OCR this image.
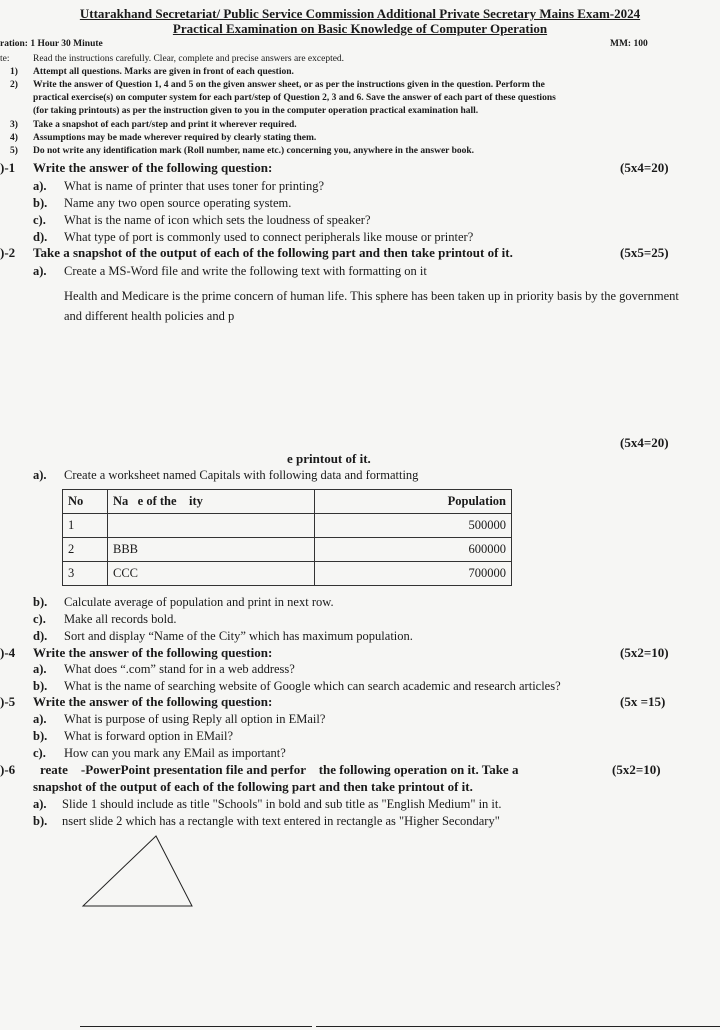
Uttarakhand Secretariat/ Public Service Commission Additional Private Secretary Mains Exam-2024
Practical Examination on Basic Knowledge of Computer Operation
ration: 1 Hour 30 Minute	MM: 100
te: Read the instructions carefully. Clear, complete and precise answers are excepted.
1) Attempt all questions. Marks are given in front of each question.
2) Write the answer of Question 1, 4 and 5 on the given answer sheet, or as per the instructions given in the question. Perform the
practical exercise(s) on computer system for each part/step of Question 2, 3 and 6. Save the answer of each part of these questions
(for taking printouts) as per the instruction given to you in the computer operation practical examination hall.
3) Take a snapshot of each part/step and print it wherever required.
4) Assumptions may be made wherever required by clearly stating them.
5) Do not write any identification mark (Roll number, name etc.) concerning you, anywhere in the answer book.
)-1 Write the answer of the following question:	(5x4=20)
a). What is name of printer that uses toner for printing?
b). Name any two open source operating system.
c). What is the name of icon which sets the loudness of speaker?
d). What type of port is commonly used to connect peripherals like mouse or printer?
)-2 Take a snapshot of the output of each of the following part and then take printout of it.	(5x5=25)
a). Create a MS-Word file and write the following text with formatting on it
Health and Medicare is the prime concern of human life. This sphere has been taken up in priority basis by the government and different health policies and p
(5x4=20)
e printout of it.
a). Create a worksheet named Capitals with following data and formatting
No	Na   e of the    ity	Population
1		500000
2	BBB	600000
3	CCC	700000
b). Calculate average of population and print in next row.
c). Make all records bold.
d). Sort and display “Name of the City” which has maximum population.
)-4 Write the answer of the following question:	(5x2=10)
a). What does “.com” stand for in a web address?
b). What is the name of searching website of Google which can search academic and research articles?
)-5 Write the answer of the following question:	(5x =15)
a). What is purpose of using Reply all option in EMail?
b). What is forward option in EMail?
c). How can you mark any EMail as important?
)-6 reate    -PowerPoint presentation file and perfor    the following operation on it. Take a	(5x2=10)
snapshot of the output of each of the following part and then take printout of it.
a). Slide 1 should include as title "Schools" in bold and sub title as "English Medium" in it.
b). nsert slide 2 which has a rectangle with text entered in rectangle as "Higher Secondary"
